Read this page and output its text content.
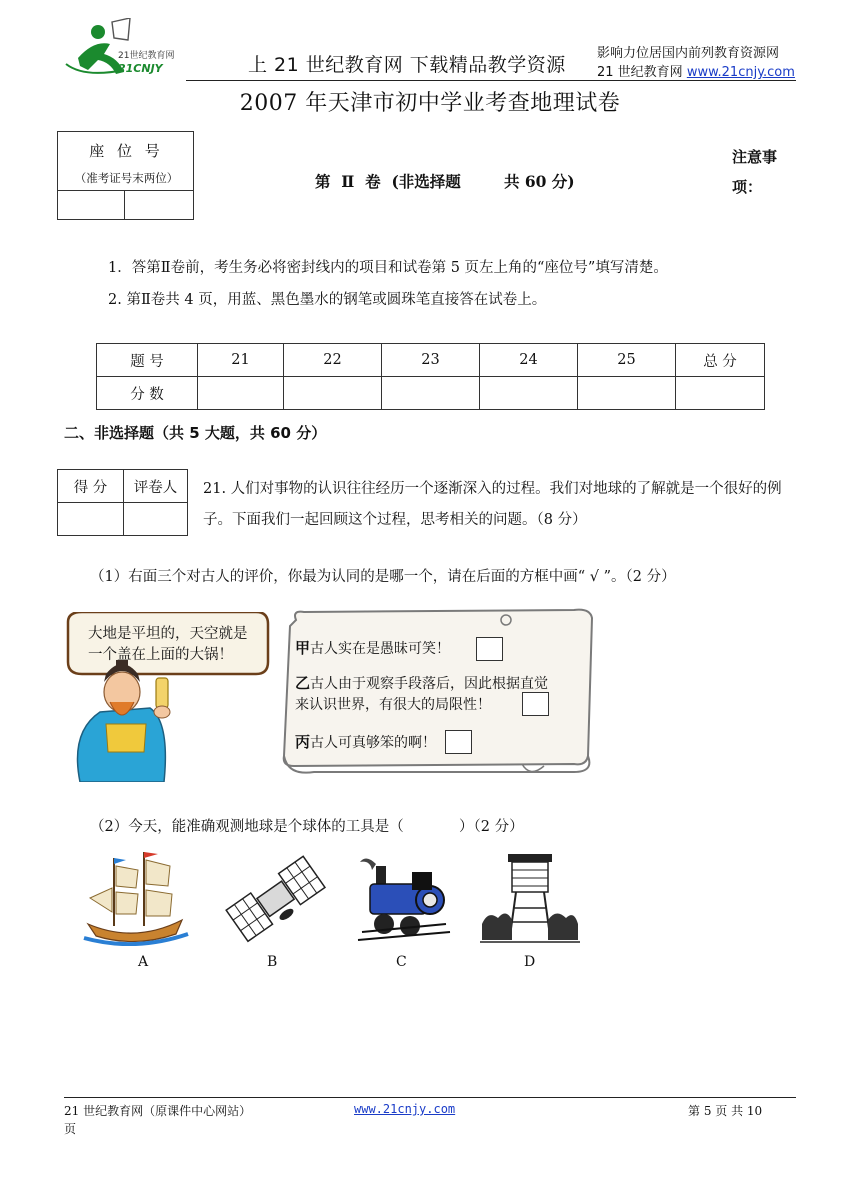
21世纪教育网
21CNJY	上 21 世纪教育网 下载精品教学资源
影响力位居国内前列教育资源网
21 世纪教育网 www.21cnjy.com
2007 年天津市初中学业考查地理试卷
座 位 号
（准考证号末两位）	第  Ⅱ  卷  (非选择题        共 60 分)
注意事项：
1．答第Ⅱ卷前，考生务必将密封线内的项目和试卷第 5 页左上角的“座位号”填写清楚。
2. 第Ⅱ卷共 4 页，用蓝、黑色墨水的钢笔或圆珠笔直接答在试卷上。
题 号	21	22	23	24	25	总 分
分 数						
二、非选择题（共 5 大题，共 60 分）
得 分	评卷人
	21. 人们对事物的认识往往经历一个逐渐深入的过程。我们对地球的了解就是一个很好的例子。下面我们一起回顾这个过程，思考相关的问题。（8 分）
（1）右面三个对古人的评价，你最为认同的是哪一个，请在后面的方框中画“ √ ”。（2 分）
大地是平坦的，天空就是一个盖在上面的大锅！	甲古人实在是愚昧可笑！
乙古人由于观察手段落后，因此根据直觉来认识世界，有很大的局限性！
丙古人可真够笨的啊！
（2）今天，能准确观测地球是个球体的工具是（            ）（2 分）
A	B	C	D
21 世纪教育网（原课件中心网站）	www.21cnjy.com	第 5 页 共 10
页
